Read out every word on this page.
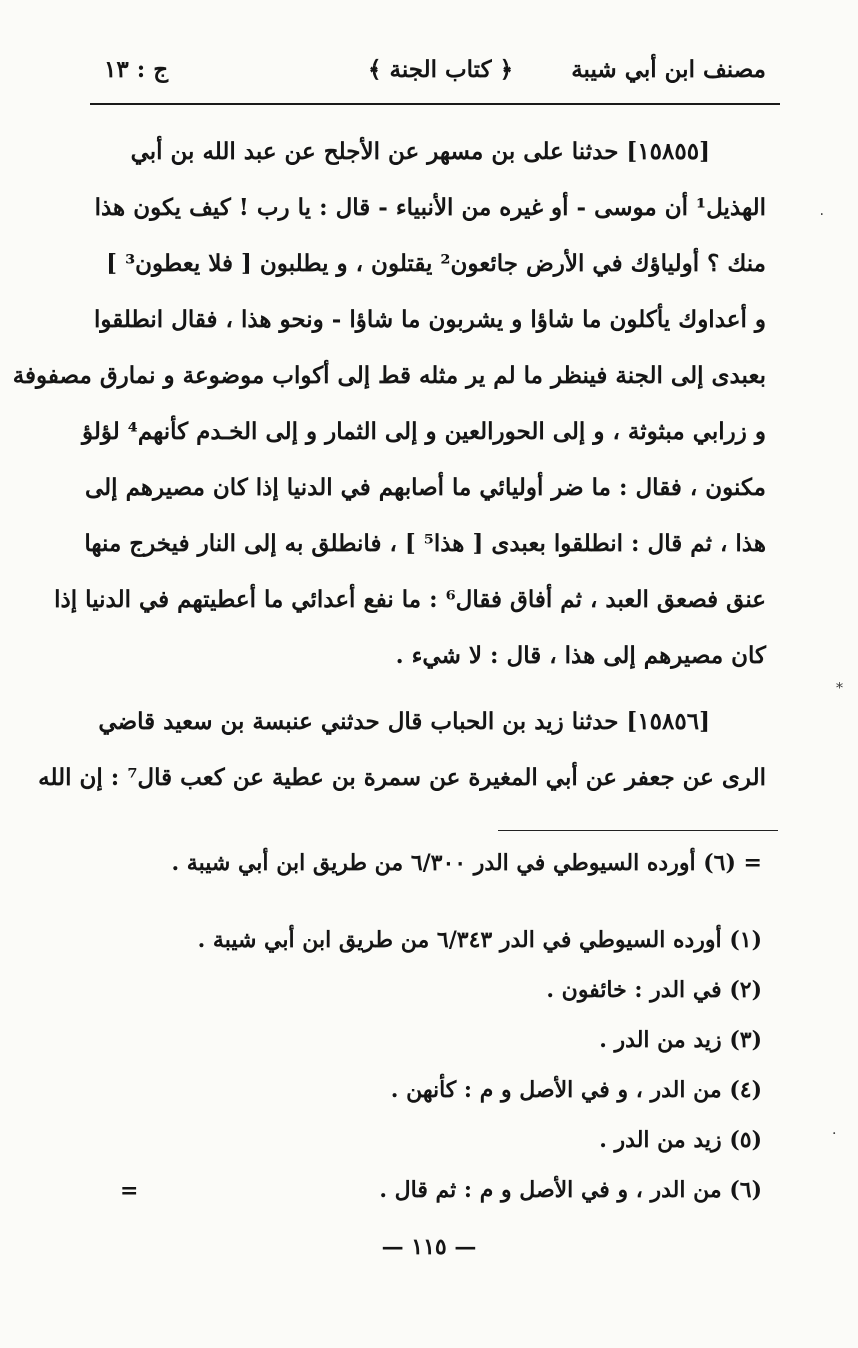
مصنف ابن أبي شيبة
﴿ كتاب الجنة ﴾
ج : ١٣
[١٥٨٥٥] حدثنا على بن مسهر عن الأجلح عن عبد الله بن أبي
الهذيل¹ أن موسى - أو غيره من الأنبياء - قال : يا رب ! كيف يكون هذا
منك ؟ أولياؤك في الأرض جائعون² يقتلون ، و يطلبون [ فلا يعطون³ ]
و أعداوك يأكلون ما شاؤا و يشربون ما شاؤا - ونحو هذا ، فقال انطلقوا
بعبدى إلى الجنة فينظر ما لم ير مثله قط إلى أكواب موضوعة و نمارق مصفوفة
و زرابي مبثوثة ، و إلى الحورالعين و إلى الثمار و إلى الخـدم كأنهم⁴ لؤلؤ
مكنون ، فقال : ما ضر أوليائي ما أصابهم في الدنيا إذا كان مصيرهم إلى
هذا ، ثم قال : انطلقوا بعبدى [ هذا⁵ ] ، فانطلق به إلى النار فيخرج منها
عنق فصعق العبد ، ثم أفاق فقال⁶ : ما نفع أعدائي ما أعطيتهم في الدنيا إذا
كان مصيرهم إلى هذا ، قال : لا شيء .
[١٥٨٥٦] حدثنا زيد بن الحباب قال حدثني عنبسة بن سعيد قاضي
الرى عن جعفر عن أبي المغيرة عن سمرة بن عطية عن كعب قال⁷ : إن الله
= (٦) أورده السيوطي في الدر ٦/٣٠٠ من طريق ابن أبي شيبة .
(١) أورده السيوطي في الدر ٦/٣٤٣ من طريق ابن أبي شيبة .
(٢) في الدر : خائفون .
(٣) زيد من الدر .
(٤) من الدر ، و في الأصل و م : كأنهن .
(٥) زيد من الدر .
(٦) من الدر ، و في الأصل و م : ثم قال .
=
— ١١٥ —
٠
⁎
·
